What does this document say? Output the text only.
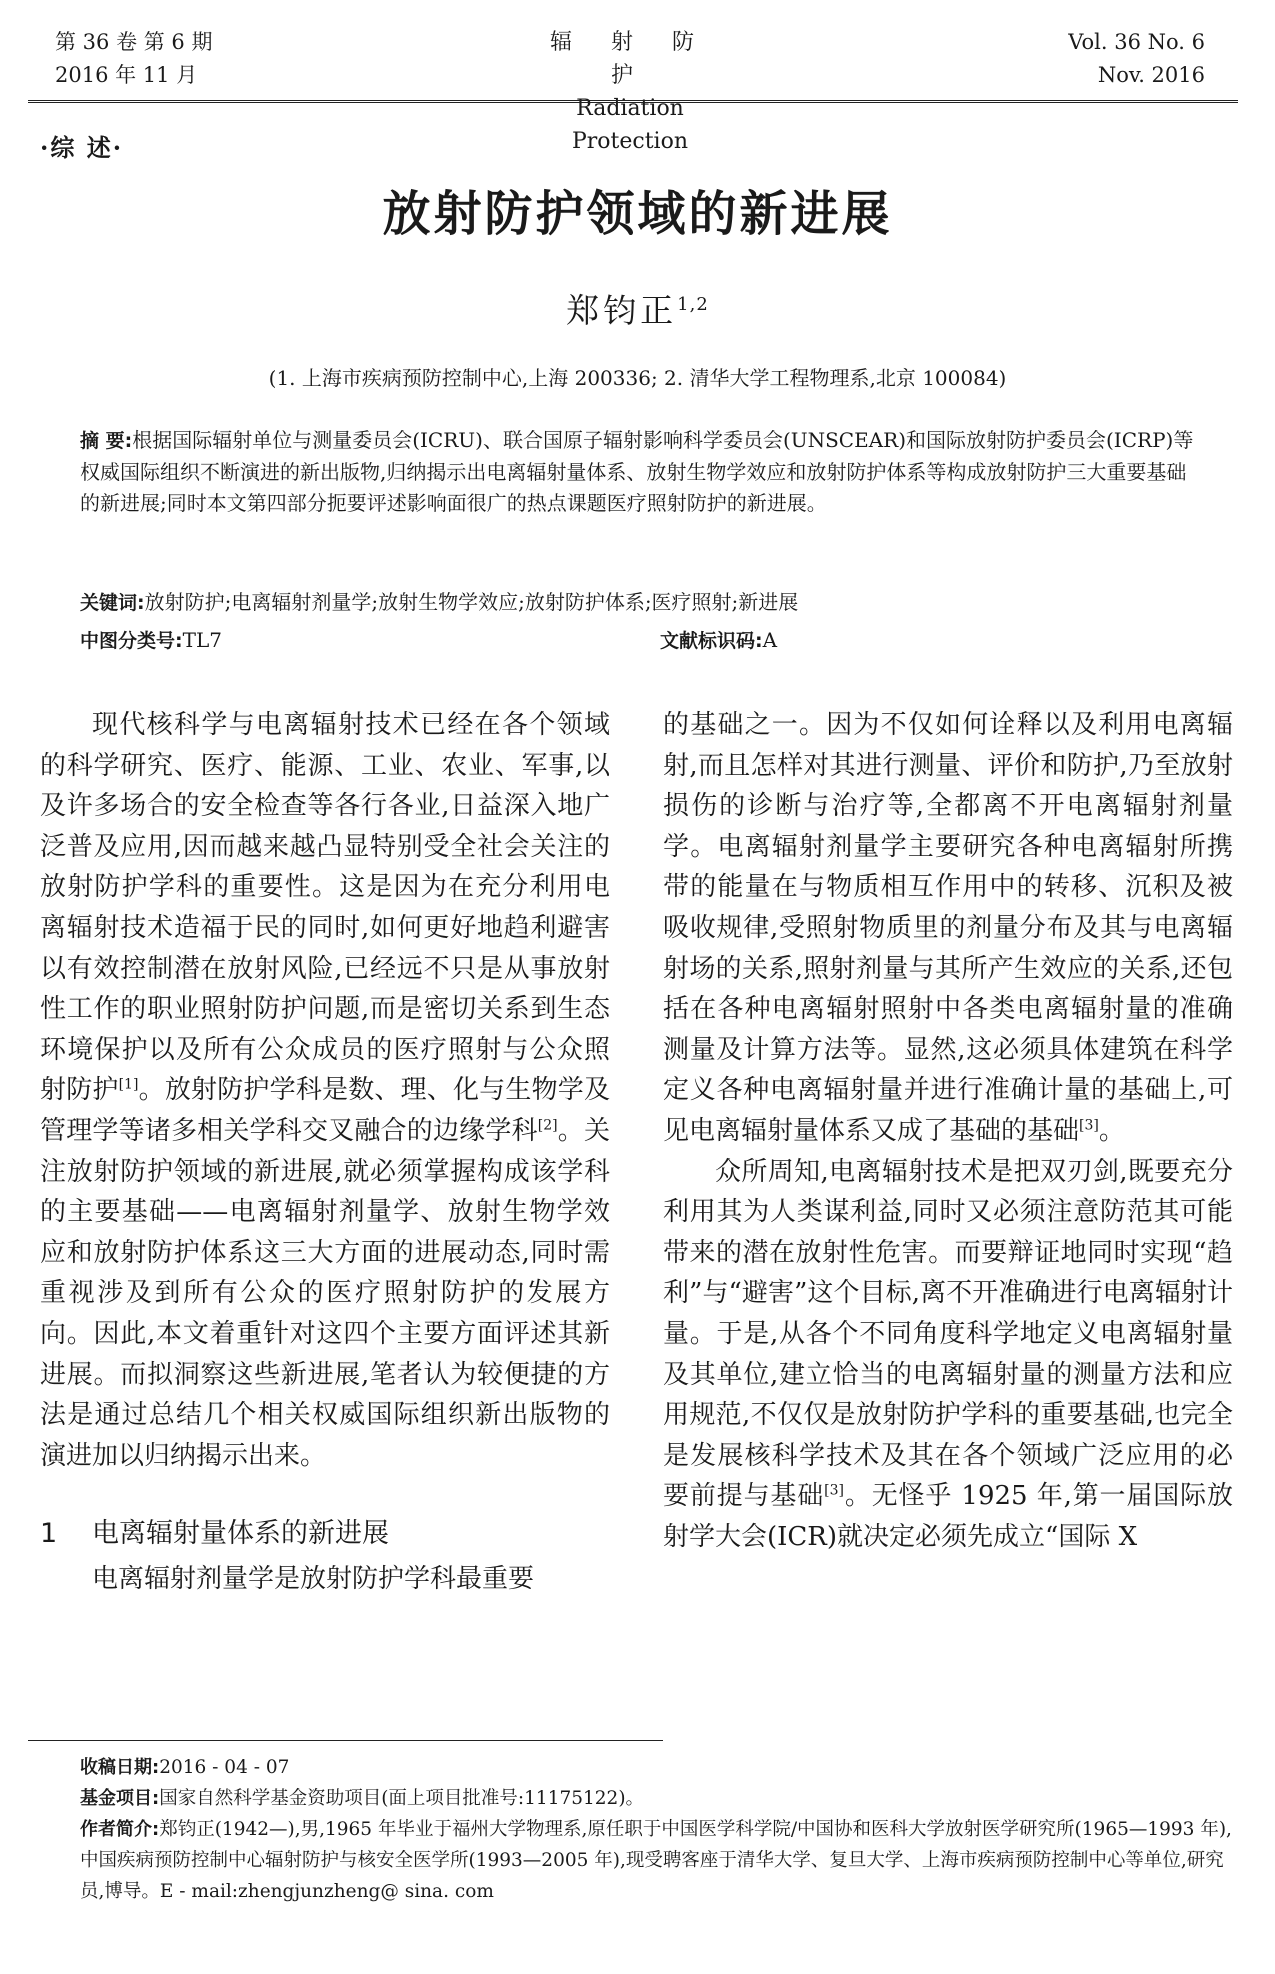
第 36 卷 第 6 期
2016 年 11 月
辐 射 防 护
Radiation Protection
Vol. 36 No. 6
Nov. 2016
·综 述·
放射防护领域的新进展
郑钧正$^{1,2}$
(1. 上海市疾病预防控制中心,上海 200336; 2. 清华大学工程物理系,北京 100084)
摘 要:根据国际辐射单位与测量委员会(ICRU)、联合国原子辐射影响科学委员会(UNSCEAR)和国际放射防护委员会(ICRP)等权威国际组织不断演进的新出版物,归纳揭示出电离辐射量体系、放射生物学效应和放射防护体系等构成放射防护三大重要基础的新进展;同时本文第四部分扼要评述影响面很广的热点课题医疗照射防护的新进展。
关键词:放射防护;电离辐射剂量学;放射生物学效应;放射防护体系;医疗照射;新进展
中图分类号:TL7	文献标识码:A

现代核科学与电离辐射技术已经在各个领域的科学研究、医疗、能源、工业、农业、军事,以及许多场合的安全检查等各行各业,日益深入地广泛普及应用,因而越来越凸显特别受全社会关注的放射防护学科的重要性。这是因为在充分利用电离辐射技术造福于民的同时,如何更好地趋利避害以有效控制潜在放射风险,已经远不只是从事放射性工作的职业照射防护问题,而是密切关系到生态环境保护以及所有公众成员的医疗照射与公众照射防护[1]。放射防护学科是数、理、化与生物学及管理学等诸多相关学科交叉融合的边缘学科[2]。关注放射防护领域的新进展,就必须掌握构成该学科的主要基础——电离辐射剂量学、放射生物学效应和放射防护体系这三大方面的进展动态,同时需重视涉及到所有公众的医疗照射防护的发展方向。因此,本文着重针对这四个主要方面评述其新进展。而拟洞察这些新进展,笔者认为较便捷的方法是通过总结几个相关权威国际组织新出版物的演进加以归纳揭示出来。

1 电离辐射量体系的新进展

电离辐射剂量学是放射防护学科最重要

的基础之一。因为不仅如何诠释以及利用电离辐射,而且怎样对其进行测量、评价和防护,乃至放射损伤的诊断与治疗等,全都离不开电离辐射剂量学。电离辐射剂量学主要研究各种电离辐射所携带的能量在与物质相互作用中的转移、沉积及被吸收规律,受照射物质里的剂量分布及其与电离辐射场的关系,照射剂量与其所产生效应的关系,还包括在各种电离辐射照射中各类电离辐射量的准确测量及计算方法等。显然,这必须具体建筑在科学定义各种电离辐射量并进行准确计量的基础上,可见电离辐射量体系又成了基础的基础[3]。

众所周知,电离辐射技术是把双刃剑,既要充分利用其为人类谋利益,同时又必须注意防范其可能带来的潜在放射性危害。而要辩证地同时实现“趋利”与“避害”这个目标,离不开准确进行电离辐射计量。于是,从各个不同角度科学地定义电离辐射量及其单位,建立恰当的电离辐射量的测量方法和应用规范,不仅仅是放射防护学科的重要基础,也完全是发展核科学技术及其在各个领域广泛应用的必要前提与基础[3]。无怪乎 1925 年,第一届国际放射学大会(ICR)就决定必须先成立“国际 X

收稿日期:2016 - 04 - 07

基金项目:国家自然科学基金资助项目(面上项目批准号:11175122)。

作者简介:郑钧正(1942—),男,1965 年毕业于福州大学物理系,原任职于中国医学科学院/中国协和医科大学放射医学研究所(1965—1993 年),中国疾病预防控制中心辐射防护与核安全医学所(1993—2005 年),现受聘客座于清华大学、复旦大学、上海市疾病预防控制中心等单位,研究员,博导。E - mail:zhengjunzheng@ sina. com
